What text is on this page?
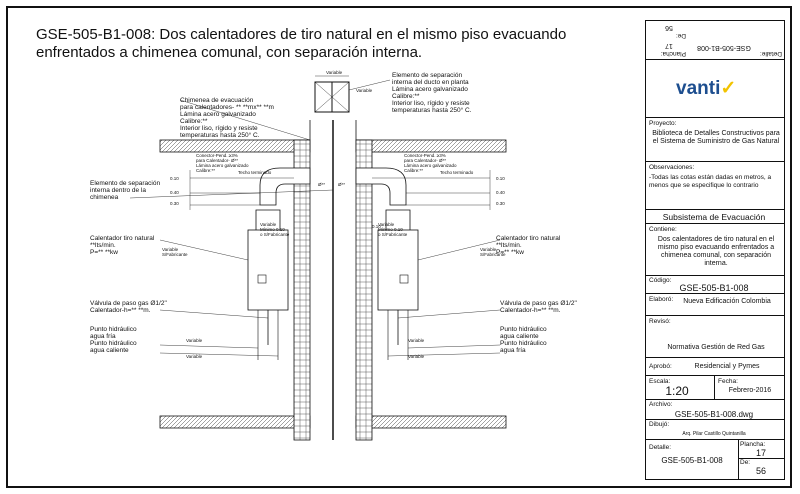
GSE-505-B1-008: Dos calentadores de tiro natural en el mismo piso evacuando enfrentados a chimenea comunal, con separación interna.
Elemento de separación
interna del ducto en planta
Lámina acero galvanizado
Calibre:**
Interior liso, rígido y resiste
temperaturas hasta 250° C.
Chimenea de evacuación
para calentadores- ** **mx** **m
Lámina acero galvanizado
Calibre:**
Interior liso, rígido y resiste
temperaturas hasta 250° C.
Elemento de separación
interna dentro de la
chimenea
Calentador tiro natural
**lts/min.
P=** **kw
Calentador tiro natural
**lts/min.
P=** **kw
Válvula de paso gas Ø1/2"
Calentador-h=** **m.
Válvula de paso gas Ø1/2"
Calentador-h=** **m.
Punto hidráulico
agua fría
Punto hidráulico
agua caliente
Punto hidráulico
agua caliente
Punto hidráulico
agua fría
Conector-Pend. ≥3%
para Calentador- Ø**
Lámina acero galvanizado
Calibre:**
Conector-Pend. ≥3%
para Calentador- Ø**
Lámina acero galvanizado
Calibre:**
Techo terminado	Techo terminado
Variable
Variable
Variable
Mínimo 0.10
o S/Fabricante
Variable
Mínimo 0.10
o S/Fabricante
Variable
S/Fabricante
Variable
S/Fabricante
0.10
0.40
0.30
0.10
0.40
0.30
0.10
Ø**	Ø**
Variable
Variable
Variable
Variable
Detalle:
GSE-505-B1-008
Plancha:
17
De:
56
vanti✓
Proyecto:
Biblioteca de Detalles Constructivos para el Sistema de Suministro de Gas Natural
Observaciones:
-Todas las cotas están dadas en metros, a menos que se especifique lo contrario
Subsistema de Evacuación
Contiene:
Dos calentadores de tiro natural en el mismo piso evacuando enfrentados a chimenea comunal, con separación interna.
Código:
GSE-505-B1-008
Elaboró: Nueva Edificación Colombia
Revisó:
Normativa Gestión de Red Gas
Aprobó:	Residencial y Pymes
Escala:
1:20
Fecha:
Febrero-2016
Archivo:
GSE-505-B1-008.dwg
Dibujó:
Arq. Pilar Castillo Quintanilla
Detalle:
GSE-505-B1-008
Plancha:
17
De:
56
